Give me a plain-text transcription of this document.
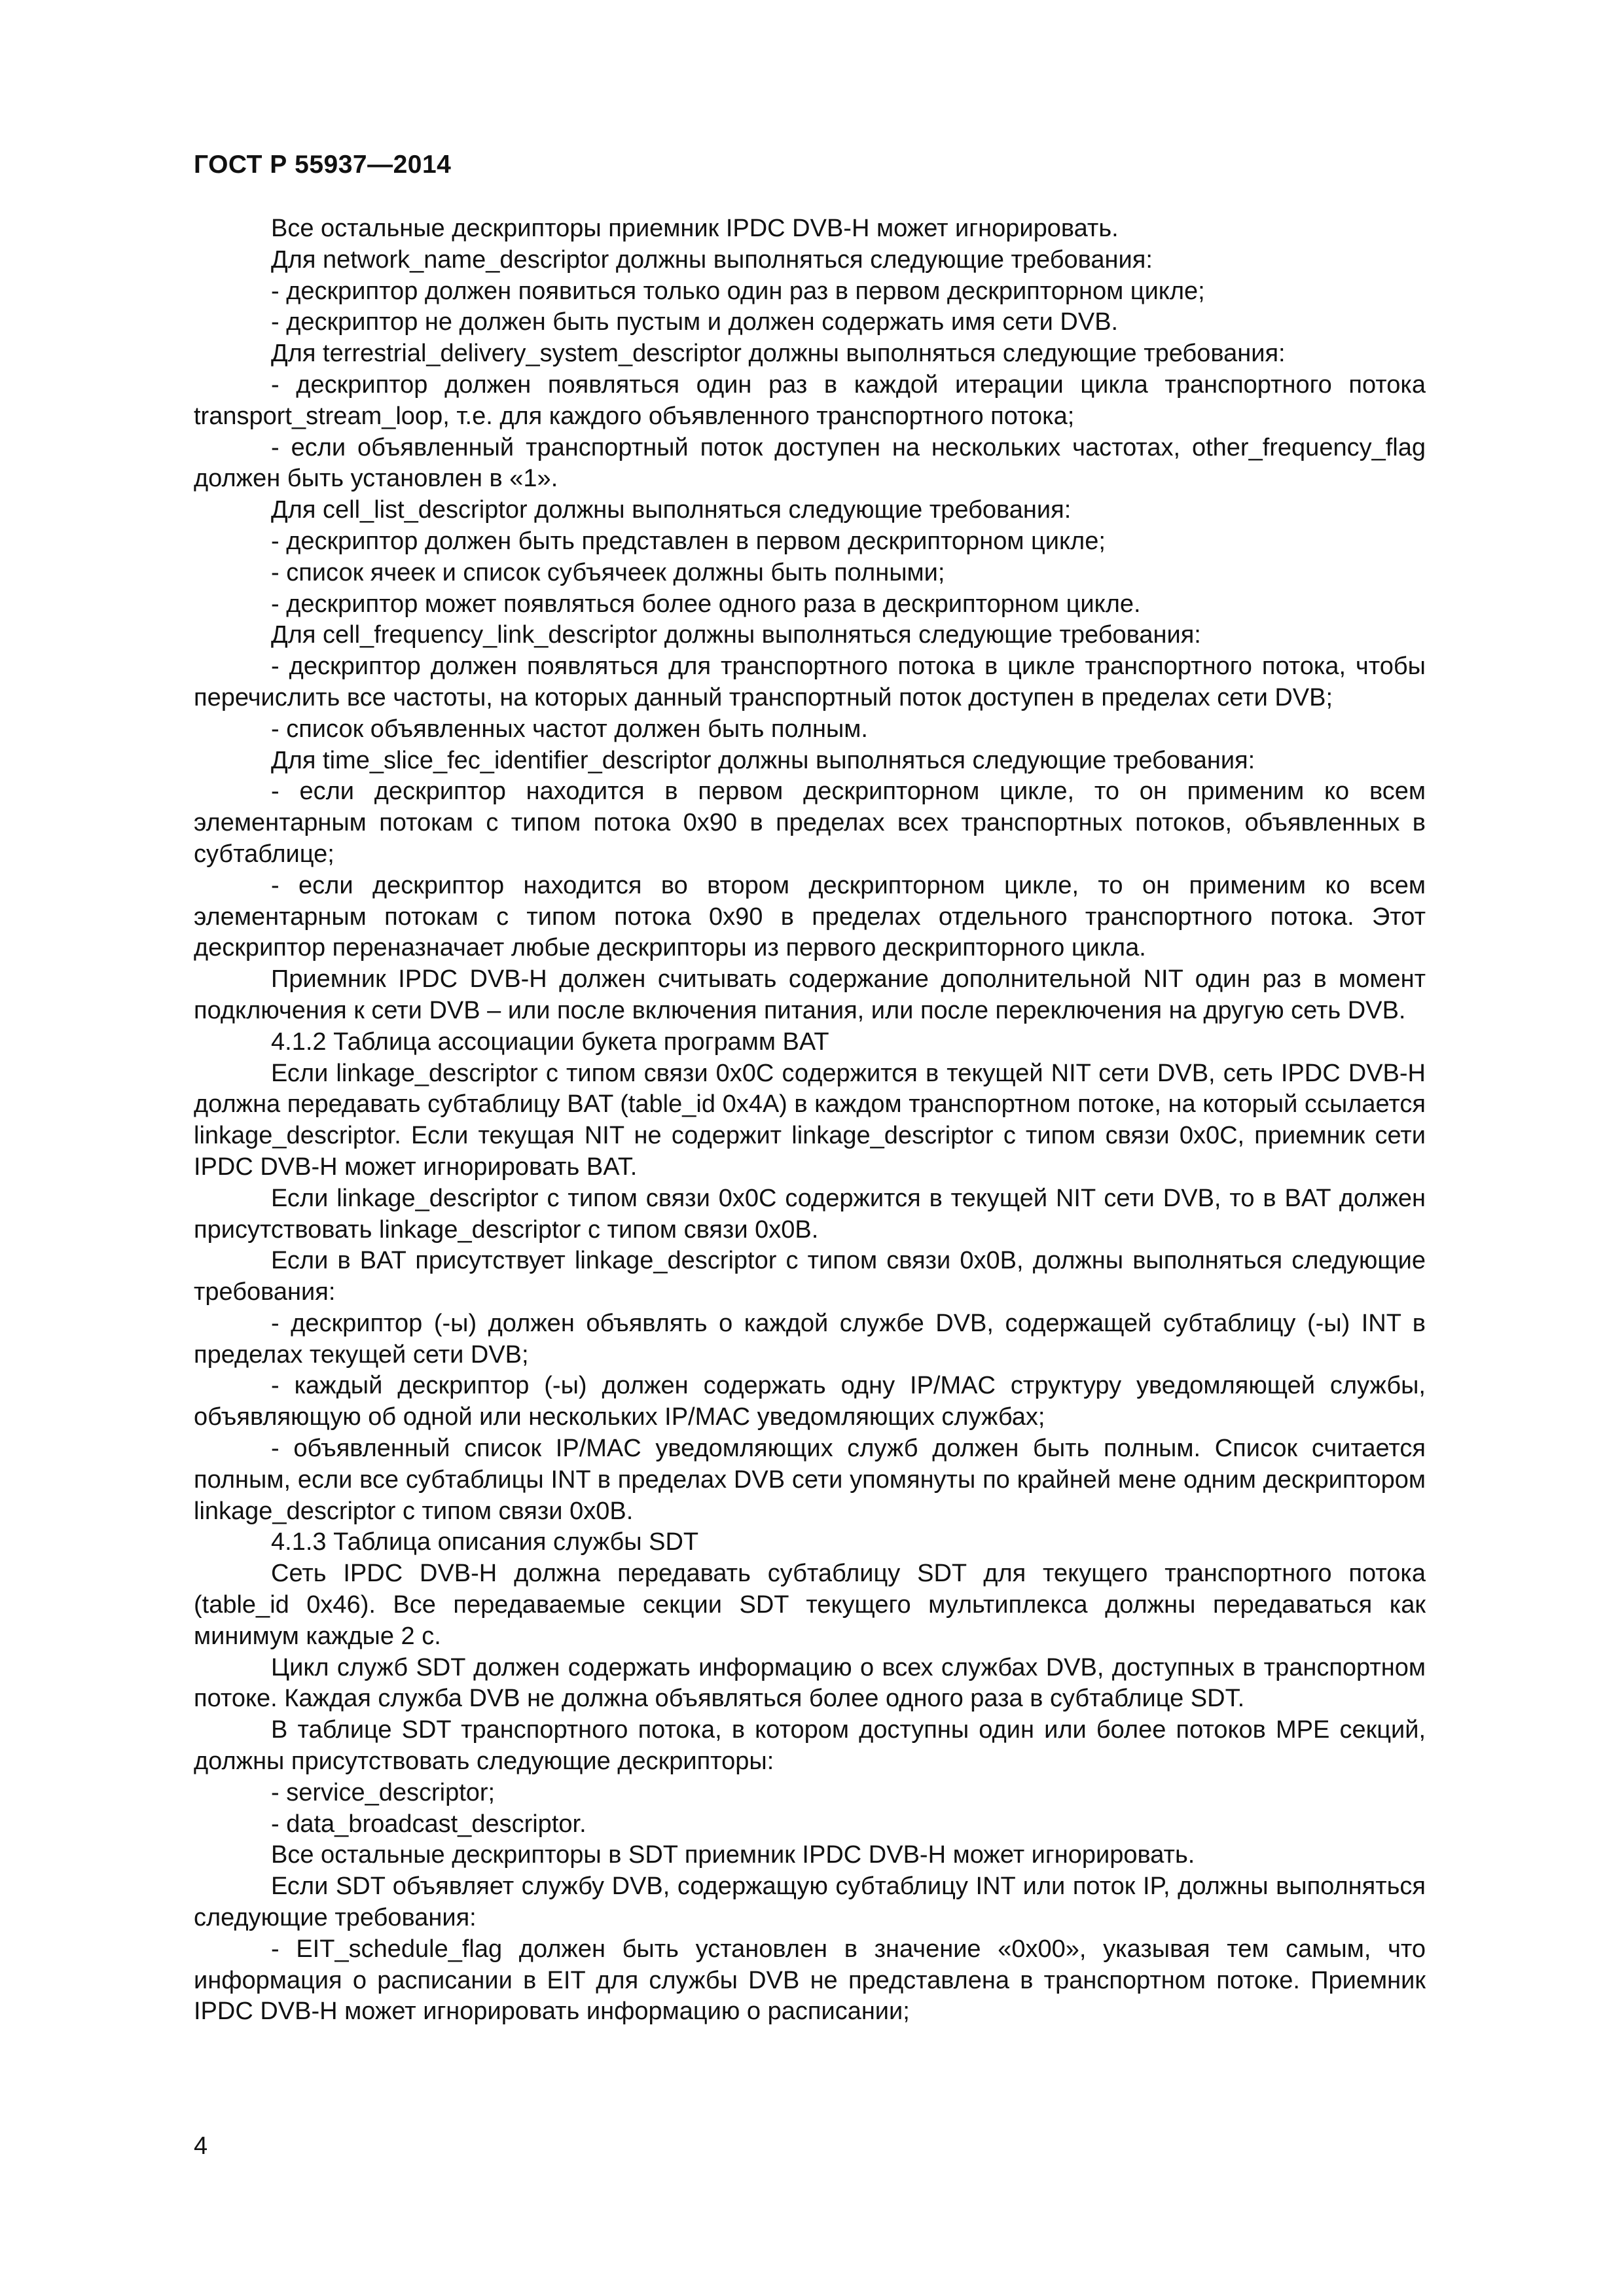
ГОСТ Р 55937—2014

Все остальные дескрипторы приемник IPDC DVB-H может игнорировать.

Для network_name_descriptor должны выполняться следующие требования:

- дескриптор должен появиться только один раз в первом дескрипторном цикле;

- дескриптор не должен быть пустым и должен содержать имя сети DVB.

Для terrestrial_delivery_system_descriptor должны выполняться следующие требования:

- дескриптор должен появляться один раз в каждой итерации цикла транспортного потока transport_stream_loop, т.е. для каждого объявленного транспортного потока;

- если объявленный транспортный поток доступен на нескольких частотах, other_frequency_flag должен быть установлен в «1».

Для cell_list_descriptor должны выполняться следующие требования:

- дескриптор должен быть представлен в первом дескрипторном цикле;

- список ячеек и список субъячеек должны быть полными;

- дескриптор может появляться более одного раза в дескрипторном цикле.

Для cell_frequency_link_descriptor должны выполняться следующие требования:

- дескриптор должен появляться для транспортного потока в цикле транспортного потока, чтобы перечислить все частоты, на которых данный транспортный поток доступен в пределах сети DVB;

- список объявленных частот должен быть полным.

Для time_slice_fec_identifier_descriptor должны выполняться следующие требования:

- если дескриптор находится в первом дескрипторном цикле, то он применим ко всем элементарным потокам с типом потока 0x90 в пределах всех транспортных потоков, объявленных в субтаблице;

- если дескриптор находится во втором дескрипторном цикле, то он применим ко всем элементарным потокам с типом потока 0x90 в пределах отдельного транспортного потока. Этот дескриптор переназначает любые дескрипторы из первого дескрипторного цикла.

Приемник IPDC DVB-H должен считывать содержание дополнительной NIT один раз в момент подключения к сети DVB – или после включения питания, или после переключения на другую сеть DVB.

4.1.2 Таблица ассоциации букета программ BAT

Если linkage_descriptor с типом связи 0x0C содержится в текущей NIT сети DVB, сеть IPDC DVB-H должна передавать субтаблицу BAT (table_id 0x4A) в каждом транспортном потоке, на который ссылается linkage_descriptor. Если текущая NIT не содержит linkage_descriptor с типом связи 0x0C, приемник сети IPDC DVB-H может игнорировать BAT.

Если linkage_descriptor с типом связи 0x0C содержится в текущей NIT сети DVB, то в BAT должен присутствовать linkage_descriptor с типом связи 0x0B.

Если в BAT присутствует linkage_descriptor с типом связи 0x0B, должны выполняться следующие требования:

- дескриптор (-ы) должен объявлять о каждой службе DVB, содержащей субтаблицу (-ы) INT в пределах текущей сети DVB;

- каждый дескриптор (-ы) должен содержать одну IP/MAC структуру уведомляющей службы, объявляющую об одной или нескольких IP/MAC уведомляющих службах;

- объявленный список IP/MAC уведомляющих служб должен быть полным. Список считается полным, если все субтаблицы INT в пределах DVB сети упомянуты по крайней мене одним дескриптором linkage_descriptor с типом связи 0x0B.

4.1.3 Таблица описания службы SDT

Сеть IPDC DVB-H должна передавать субтаблицу SDT для текущего транспортного потока (table_id 0x46). Все передаваемые секции SDT текущего мультиплекса должны передаваться как минимум каждые 2 с.

Цикл служб SDT должен содержать информацию о всех службах DVB, доступных в транспортном потоке. Каждая служба DVB не должна объявляться более одного раза в субтаблице SDT.

В таблице SDT транспортного потока, в котором доступны один или более потоков MPE секций, должны присутствовать следующие дескрипторы:

- service_descriptor;

- data_broadcast_descriptor.

Все остальные дескрипторы в SDT приемник IPDC DVB-H может игнорировать.

Если SDT объявляет службу DVB, содержащую субтаблицу INT или поток IP, должны выполняться следующие требования:

- EIT_schedule_flag должен быть установлен в значение «0x00», указывая тем самым, что информация о расписании в EIT для службы DVB не представлена в транспортном потоке. Приемник IPDC DVB-H может игнорировать информацию о расписании;

4
